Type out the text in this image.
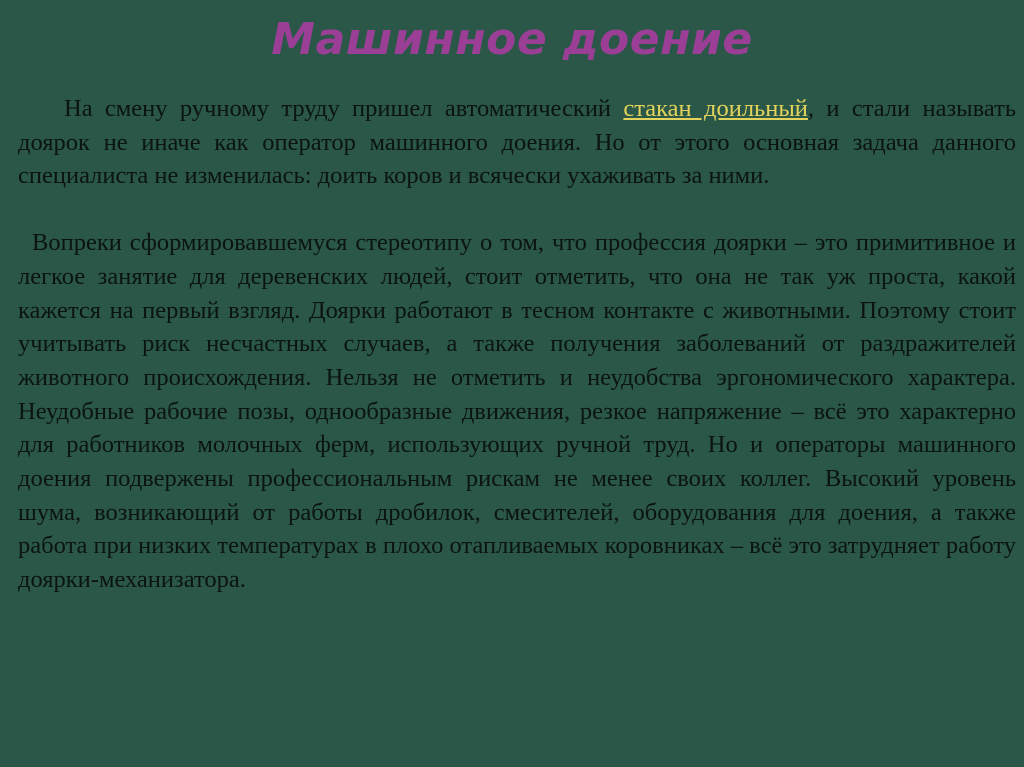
Машинное доение

На смену ручному труду пришел автоматический стакан доильный, и стали называть доярок не иначе как оператор машинного доения. Но от этого основная задача данного специалиста не изменилась: доить коров и всячески ухаживать за ними.

Вопреки сформировавшемуся стереотипу о том, что профессия доярки – это примитивное и легкое занятие для деревенских людей, стоит отметить, что она не так уж проста, какой кажется на первый взгляд. Доярки работают в тесном контакте с животными. Поэтому стоит учитывать риск несчастных случаев, а также получения заболеваний от раздражителей животного происхождения. Нельзя не отметить и неудобства эргономического характера. Неудобные рабочие позы, однообразные движения, резкое напряжение – всё это характерно для работников молочных ферм, использующих ручной труд. Но и операторы машинного доения подвержены профессиональным рискам не менее своих коллег. Высокий уровень шума, возникающий от работы дробилок, смесителей, оборудования для доения, а также работа при низких температурах в плохо отапливаемых коровниках – всё это затрудняет работу доярки-механизатора.
